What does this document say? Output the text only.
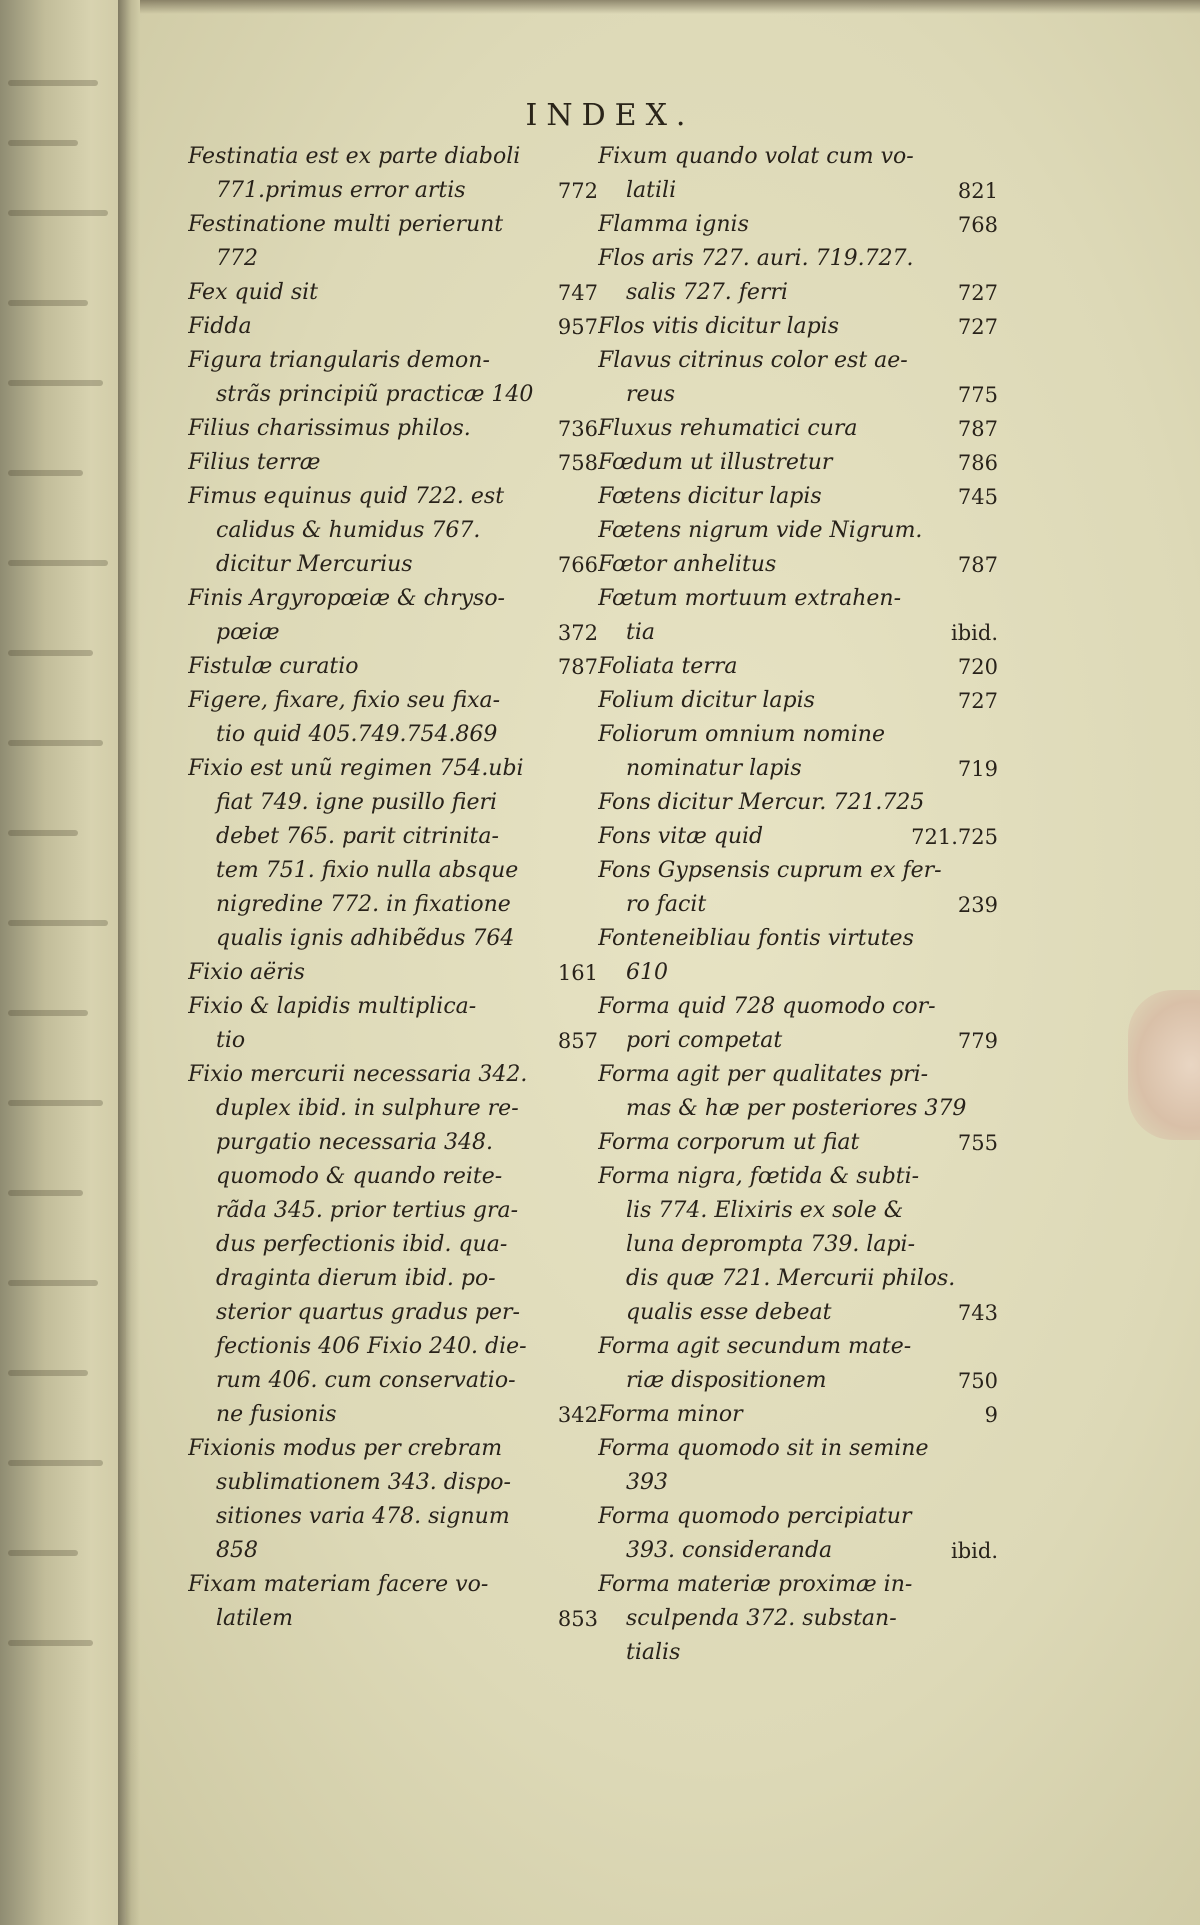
INDEX.
Festinatia est ex parte diaboli
771.primus error artis	772
Festinatione multi perierunt
772
Fex quid sit	747
Fidda	957
Figura triangularis demon-
strãs principiũ practicæ 140
Filius charissimus philos.	736
Filius terræ	758
Fimus equinus quid 722. est
calidus & humidus 767.
dicitur Mercurius	766
Finis Argyropœiæ & chryso-
pœiæ	372
Fistulæ curatio	787
Figere, fixare, fixio seu fixa-
tio quid 405.749.754.869
Fixio est unũ regimen 754.ubi
fiat 749. igne pusillo fieri
debet 765. parit citrinita-
tem 751. fixio nulla absque
nigredine 772. in fixatione
qualis ignis adhibẽdus 764
Fixio aëris	161
Fixio & lapidis multiplica-
tio	857
Fixio mercurii necessaria 342.
duplex ibid. in sulphure re-
purgatio necessaria 348.
quomodo & quando reite-
rãda 345. prior tertius gra-
dus perfectionis ibid. qua-
draginta dierum ibid. po-
sterior quartus gradus per-
fectionis 406 Fixio 240. die-
rum 406. cum conservatio-
ne fusionis	342
Fixionis modus per crebram
sublimationem 343. dispo-
sitiones varia 478. signum
858
Fixam materiam facere vo-
latilem	853
Fixum quando volat cum vo-
latili	821
Flamma ignis	768
Flos aris 727. auri. 719.727.
salis 727. ferri	727
Flos vitis dicitur lapis	727
Flavus citrinus color est ae-
reus	775
Fluxus rehumatici cura	787
Fœdum ut illustretur	786
Fœtens dicitur lapis	745
Fœtens nigrum vide Nigrum.
Fœtor anhelitus	787
Fœtum mortuum extrahen-
tia	ibid.
Foliata terra	720
Folium dicitur lapis	727
Foliorum omnium nomine
nominatur lapis	719
Fons dicitur Mercur. 721.725
Fons vitæ quid	721.725
Fons Gypsensis cuprum ex fer-
ro facit	239
Fonteneibliau fontis virtutes
610
Forma quid 728 quomodo cor-
pori competat	779
Forma agit per qualitates pri-
mas & hæ per posteriores 379
Forma corporum ut fiat	755
Forma nigra, fœtida & subti-
lis 774. Elixiris ex sole &
luna deprompta 739. lapi-
dis quæ 721. Mercurii philos.
qualis esse debeat	743
Forma agit secundum mate-
riæ dispositionem	750
Forma minor	9
Forma quomodo sit in semine
393
Forma quomodo percipiatur
393. consideranda	ibid.
Forma materiæ proximæ in-
sculpenda 372. substan-
tialis
